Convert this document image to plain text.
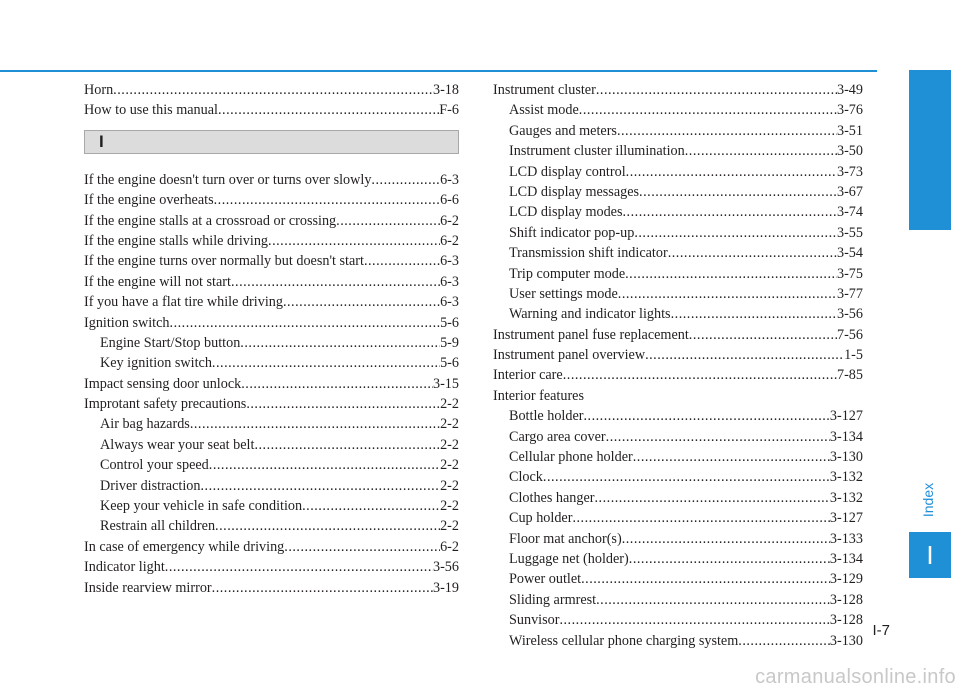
Horn .....	3-18
How to use this manual .....	F-6
I
If the engine doesn't turn over or turns over slowly .....	6-3
If the engine overheats .....	6-6
If the engine stalls at a crossroad or crossing .....	6-2
If the engine stalls while driving .....	6-2
If the engine turns over normally but doesn't start .....	6-3
If the engine will not start .....	6-3
If you have a flat tire while driving .....	6-3
Ignition switch .....	5-6
Engine Start/Stop button .....	5-9
Key ignition switch .....	5-6
Impact sensing door unlock .....	3-15
Improtant safety precautions .....	2-2
Air bag hazards .....	2-2
Always wear your seat belt .....	2-2
Control your speed .....	2-2
Driver distraction .....	2-2
Keep your vehicle in safe condition .....	2-2
Restrain all children .....	2-2
In case of emergency while driving .....	6-2
Indicator light .....	3-56
Inside rearview mirror .....	3-19
Instrument cluster .....	3-49
Assist mode .....	3-76
Gauges and meters .....	3-51
Instrument cluster illumination .....	3-50
LCD display control .....	3-73
LCD display messages .....	3-67
LCD display modes .....	3-74
Shift indicator pop-up .....	3-55
Transmission shift indicator .....	3-54
Trip computer mode .....	3-75
User settings mode .....	3-77
Warning and indicator lights .....	3-56
Instrument panel fuse replacement .....	7-56
Instrument panel overview .....	1-5
Interior care .....	7-85
Interior features
Bottle holder .....	3-127
Cargo area cover .....	3-134
Cellular phone holder .....	3-130
Clock .....	3-132
Clothes hanger .....	3-132
Cup holder .....	3-127
Floor mat anchor(s) .....	3-133
Luggage net (holder) .....	3-134
Power outlet .....	3-129
Sliding armrest .....	3-128
Sunvisor .....	3-128
Wireless cellular phone charging system .....	3-130
Index
I
I-7
carmanualsonline.info
